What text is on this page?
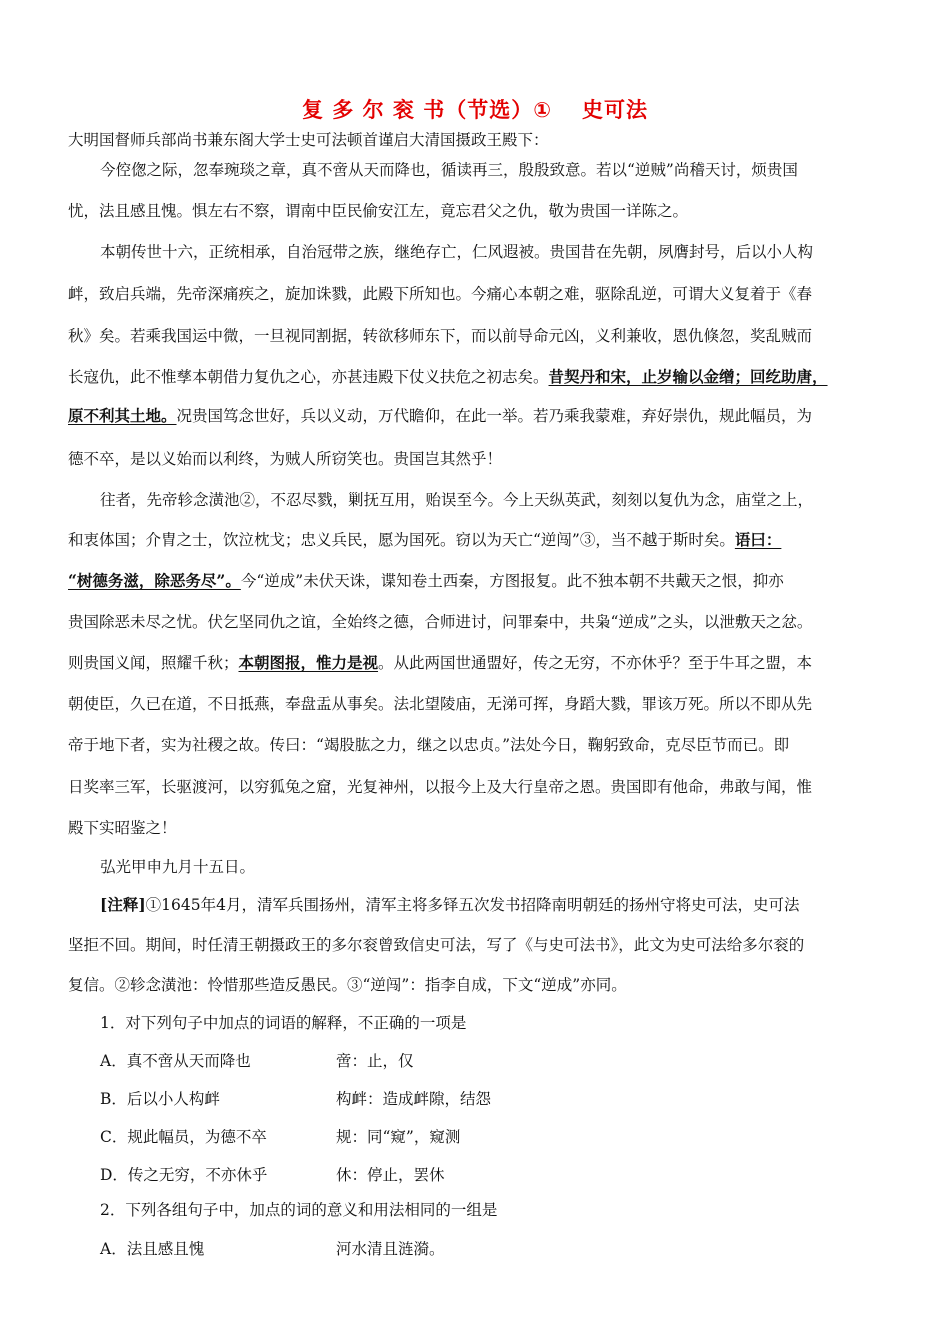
复 多 尔 衮 书（节选）① 史可法
大明国督师兵部尚书兼东阁大学士史可法顿首谨启大清国摄政王殿下：
今倥偬之际，忽奉琬琰之章，真不啻从天而降也，循读再三，殷殷致意。若以“逆贼”尚稽天讨，烦贵国
忧，法且感且愧。惧左右不察，谓南中臣民偷安江左，竟忘君父之仇，敬为贵国一详陈之。
本朝传世十六，正统相承，自治冠带之族，继绝存亡，仁风遐被。贵国昔在先朝，夙膺封号，后以小人构
衅，致启兵端，先帝深痛疾之，旋加诛戮，此殿下所知也。今痛心本朝之难，驱除乱逆，可谓大义复着于《春
秋》矣。若乘我国运中微，一旦视同割据，转欲移师东下，而以前导命元凶，义利兼收，恩仇倏忽，奖乱贼而
长寇仇，此不惟孳本朝借力复仇之心，亦甚违殿下仗义扶危之初志矣。昔契丹和宋，止岁输以金缯；回纥助唐，
原不利其土地。况贵国笃念世好，兵以义动，万代瞻仰，在此一举。若乃乘我蒙难，弃好崇仇，规此幅员，为
德不卒，是以义始而以利终，为贼人所窃笑也。贵国岂其然乎！
往者，先帝轸念潢池②，不忍尽戮，剿抚互用，贻误至今。今上天纵英武，刻刻以复仇为念，庙堂之上，
和衷体国；介胄之士，饮泣枕戈；忠义兵民，愿为国死。窃以为天亡“逆闯”③，当不越于斯时矣。语曰：
“树德务滋，除恶务尽”。今“逆成”未伏天诛，谍知卷土西秦，方图报复。此不独本朝不共戴天之恨，抑亦
贵国除恶未尽之忧。伏乞坚同仇之谊，全始终之德，合师进讨，问罪秦中，共枭“逆成”之头，以泄敷天之忿。
则贵国义闻，照耀千秋；本朝图报，惟力是视。从此两国世通盟好，传之无穷，不亦休乎？至于牛耳之盟，本
朝使臣，久已在道，不日抵燕，奉盘盂从事矣。法北望陵庙，无涕可挥，身蹈大戮，罪该万死。所以不即从先
帝于地下者，实为社稷之故。传曰：“竭股肱之力，继之以忠贞。”法处今日，鞠躬致命，克尽臣节而已。即
日奖率三军，长驱渡河，以穷狐兔之窟，光复神州，以报今上及大行皇帝之恩。贵国即有他命，弗敢与闻，惟
殿下实昭鉴之！
弘光甲申九月十五日。
[注释]①1645年4月，清军兵围扬州，清军主将多铎五次发书招降南明朝廷的扬州守将史可法，史可法
坚拒不回。期间，时任清王朝摄政王的多尔衮曾致信史可法，写了《与史可法书》，此文为史可法给多尔衮的
复信。②轸念潢池：怜惜那些造反愚民。③“逆闯”：指李自成，下文“逆成”亦同。
1．对下列句子中加点的词语的解释，不正确的一项是
A．真不啻从天而降也	啻：止，仅
B．后以小人构衅	构衅：造成衅隙，结怨
C．规此幅员，为德不卒	规：同“窥”，窥测
D．传之无穷，不亦休乎	休：停止，罢休
2．下列各组句子中，加点的词的意义和用法相同的一组是
A．法且感且愧	河水清且涟漪。
